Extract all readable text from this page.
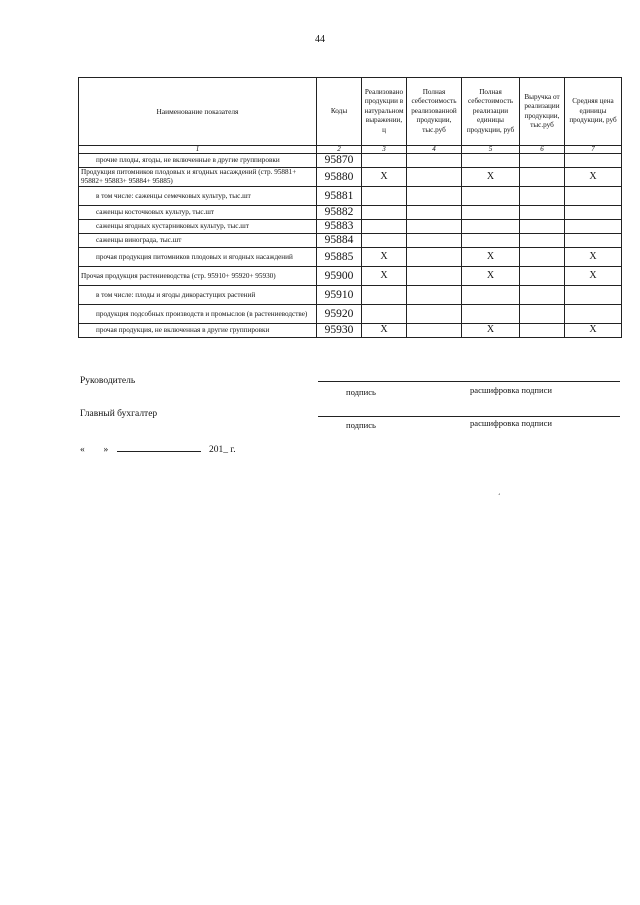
44
Наименование показателя	Коды	Реализовано продукции в натуральном выражении, ц	Полная себестоимость реализованной продукции, тыс.руб	Полная себестоимость реализации единицы продукции, руб	Выручка от реализации продукции, тыс.руб	Средняя цена единицы продукции, руб
1	2	3	4	5	6	7
прочие плоды, ягоды, не включенные в другие группировки	95870					
Продукция питомников плодовых и ягодных насаждений (стр. 95881+ 95882+ 95883+ 95884+ 95885)	95880	X		X		X
в том числе: саженцы семечковых культур, тыс.шт	95881					
саженцы косточковых культур, тыс.шт	95882					
саженцы ягодных кустарниковых культур, тыс.шт	95883					
саженцы винограда, тыс.шт	95884					
прочая продукция питомников плодовых и ягодных насаждений	95885	X		X		X
Прочая продукция растениеводства (стр. 95910+ 95920+ 95930)	95900	X		X		X
в том числе: плоды и ягоды дикорастущих растений	95910					
продукция подсобных производств и промыслов (в растениеводстве)	95920					
прочая продукция, не включенная в другие группировки	95930	X		X		X
Руководитель
подпись	расшифровка подписи
Главный бухгалтер
подпись	расшифровка подписи
« »	201_ г.
،
